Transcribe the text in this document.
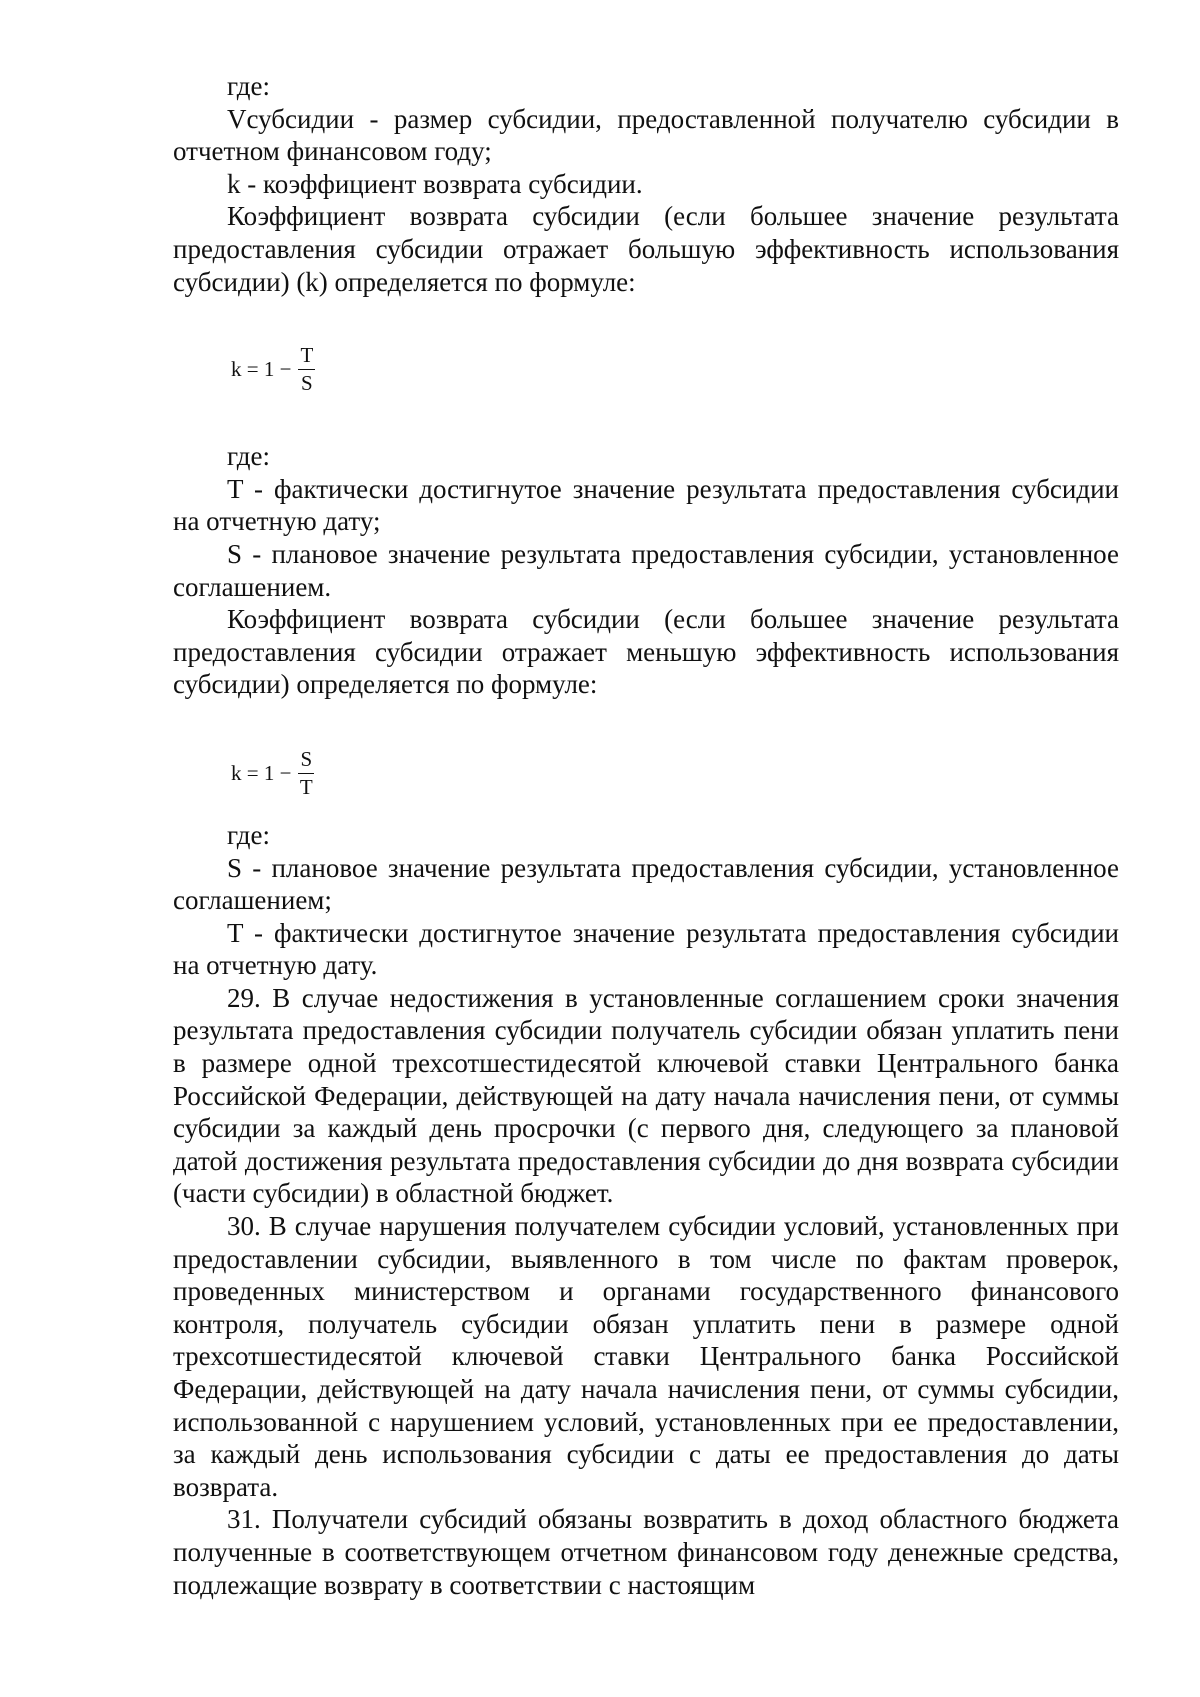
где:

Vсубсидии - размер субсидии, предоставленной получателю субсидии в отчетном финансовом году;

k - коэффициент возврата субсидии.

Коэффициент возврата субсидии (если большее значение результата предоставления субсидии отражает большую эффективность использования субсидии) (k) определяется по формуле:

$k = 1 - \frac{T}{S}$

где:

T - фактически достигнутое значение результата предоставления субсидии на отчетную дату;

S - плановое значение результата предоставления субсидии, установленное соглашением.

Коэффициент возврата субсидии (если большее значение результата предоставления субсидии отражает меньшую эффективность использования субсидии) определяется по формуле:

$k = 1 - \frac{S}{T}$

где:

S - плановое значение результата предоставления субсидии, установленное соглашением;

T - фактически достигнутое значение результата предоставления субсидии на отчетную дату.

29. В случае недостижения в установленные соглашением сроки значения результата предоставления субсидии получатель субсидии обязан уплатить пени в размере одной трехсотшестидесятой ключевой ставки Центрального банка Российской Федерации, действующей на дату начала начисления пени, от суммы субсидии за каждый день просрочки (с первого дня, следующего за плановой датой достижения результата предоставления субсидии до дня возврата субсидии (части субсидии) в областной бюджет.

30. В случае нарушения получателем субсидии условий, установленных при предоставлении субсидии, выявленного в том числе по фактам проверок, проведенных министерством и органами государственного финансового контроля, получатель субсидии обязан уплатить пени в размере одной трехсотшестидесятой ключевой ставки Центрального банка Российской Федерации, действующей на дату начала начисления пени, от суммы субсидии, использованной с нарушением условий, установленных при ее предоставлении, за каждый день использования субсидии с даты ее предоставления до даты возврата.

31. Получатели субсидий обязаны возвратить в доход областного бюджета полученные в соответствующем отчетном финансовом году денежные средства, подлежащие возврату в соответствии с настоящим
